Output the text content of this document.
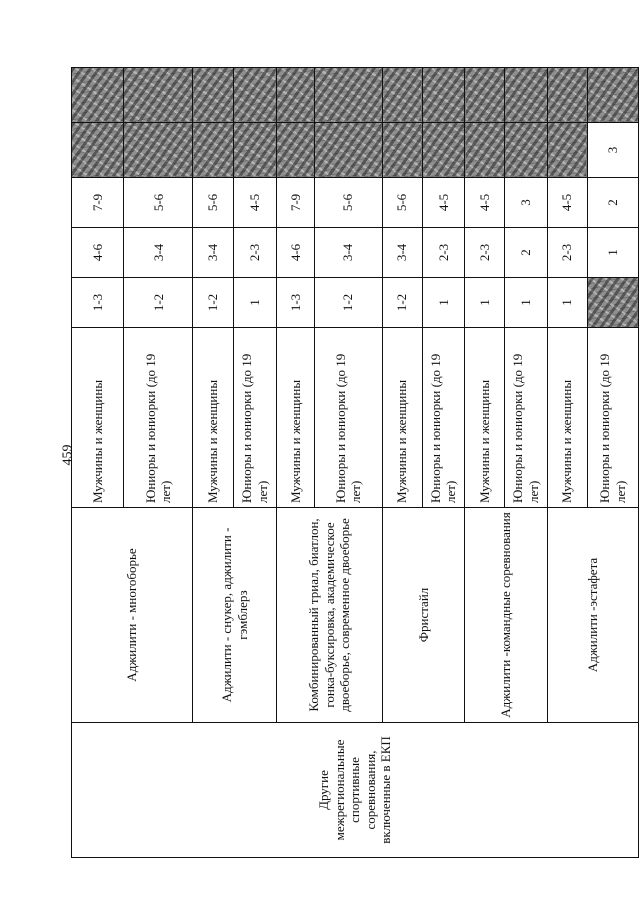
459
Другие межрегиональные спортивные соревнования, включенные в ЕКП	Аджилити - многоборье	Мужчины и женщины	1-3	4-6	7-9		
		Юниоры и юниорки (до 19 лет)	1-2	3-4	5-6		
	Аджилити - снукер, аджилити - гэмблерз	Мужчины и женщины	1-2	3-4	5-6		
		Юниоры и юниорки (до 19 лет)	1	2-3	4-5		
	Комбинированный триал, биатлон, гонка-буксировка, академическое двоеборье, современное двоеборье	Мужчины и женщины	1-3	4-6	7-9		
		Юниоры и юниорки (до 19 лет)	1-2	3-4	5-6		
	Фристайл	Мужчины и женщины	1-2	3-4	5-6		
		Юниоры и юниорки (до 19 лет)	1	2-3	4-5		
	Аджилити -командные соревнования	Мужчины и женщины	1	2-3	4-5		
		Юниоры и юниорки (до 19 лет)	1	2	3		
	Аджилити -эстафета	Мужчины и женщины	1	2-3	4-5		
		Юниоры и юниорки (до 19 лет)		1	2	3	
